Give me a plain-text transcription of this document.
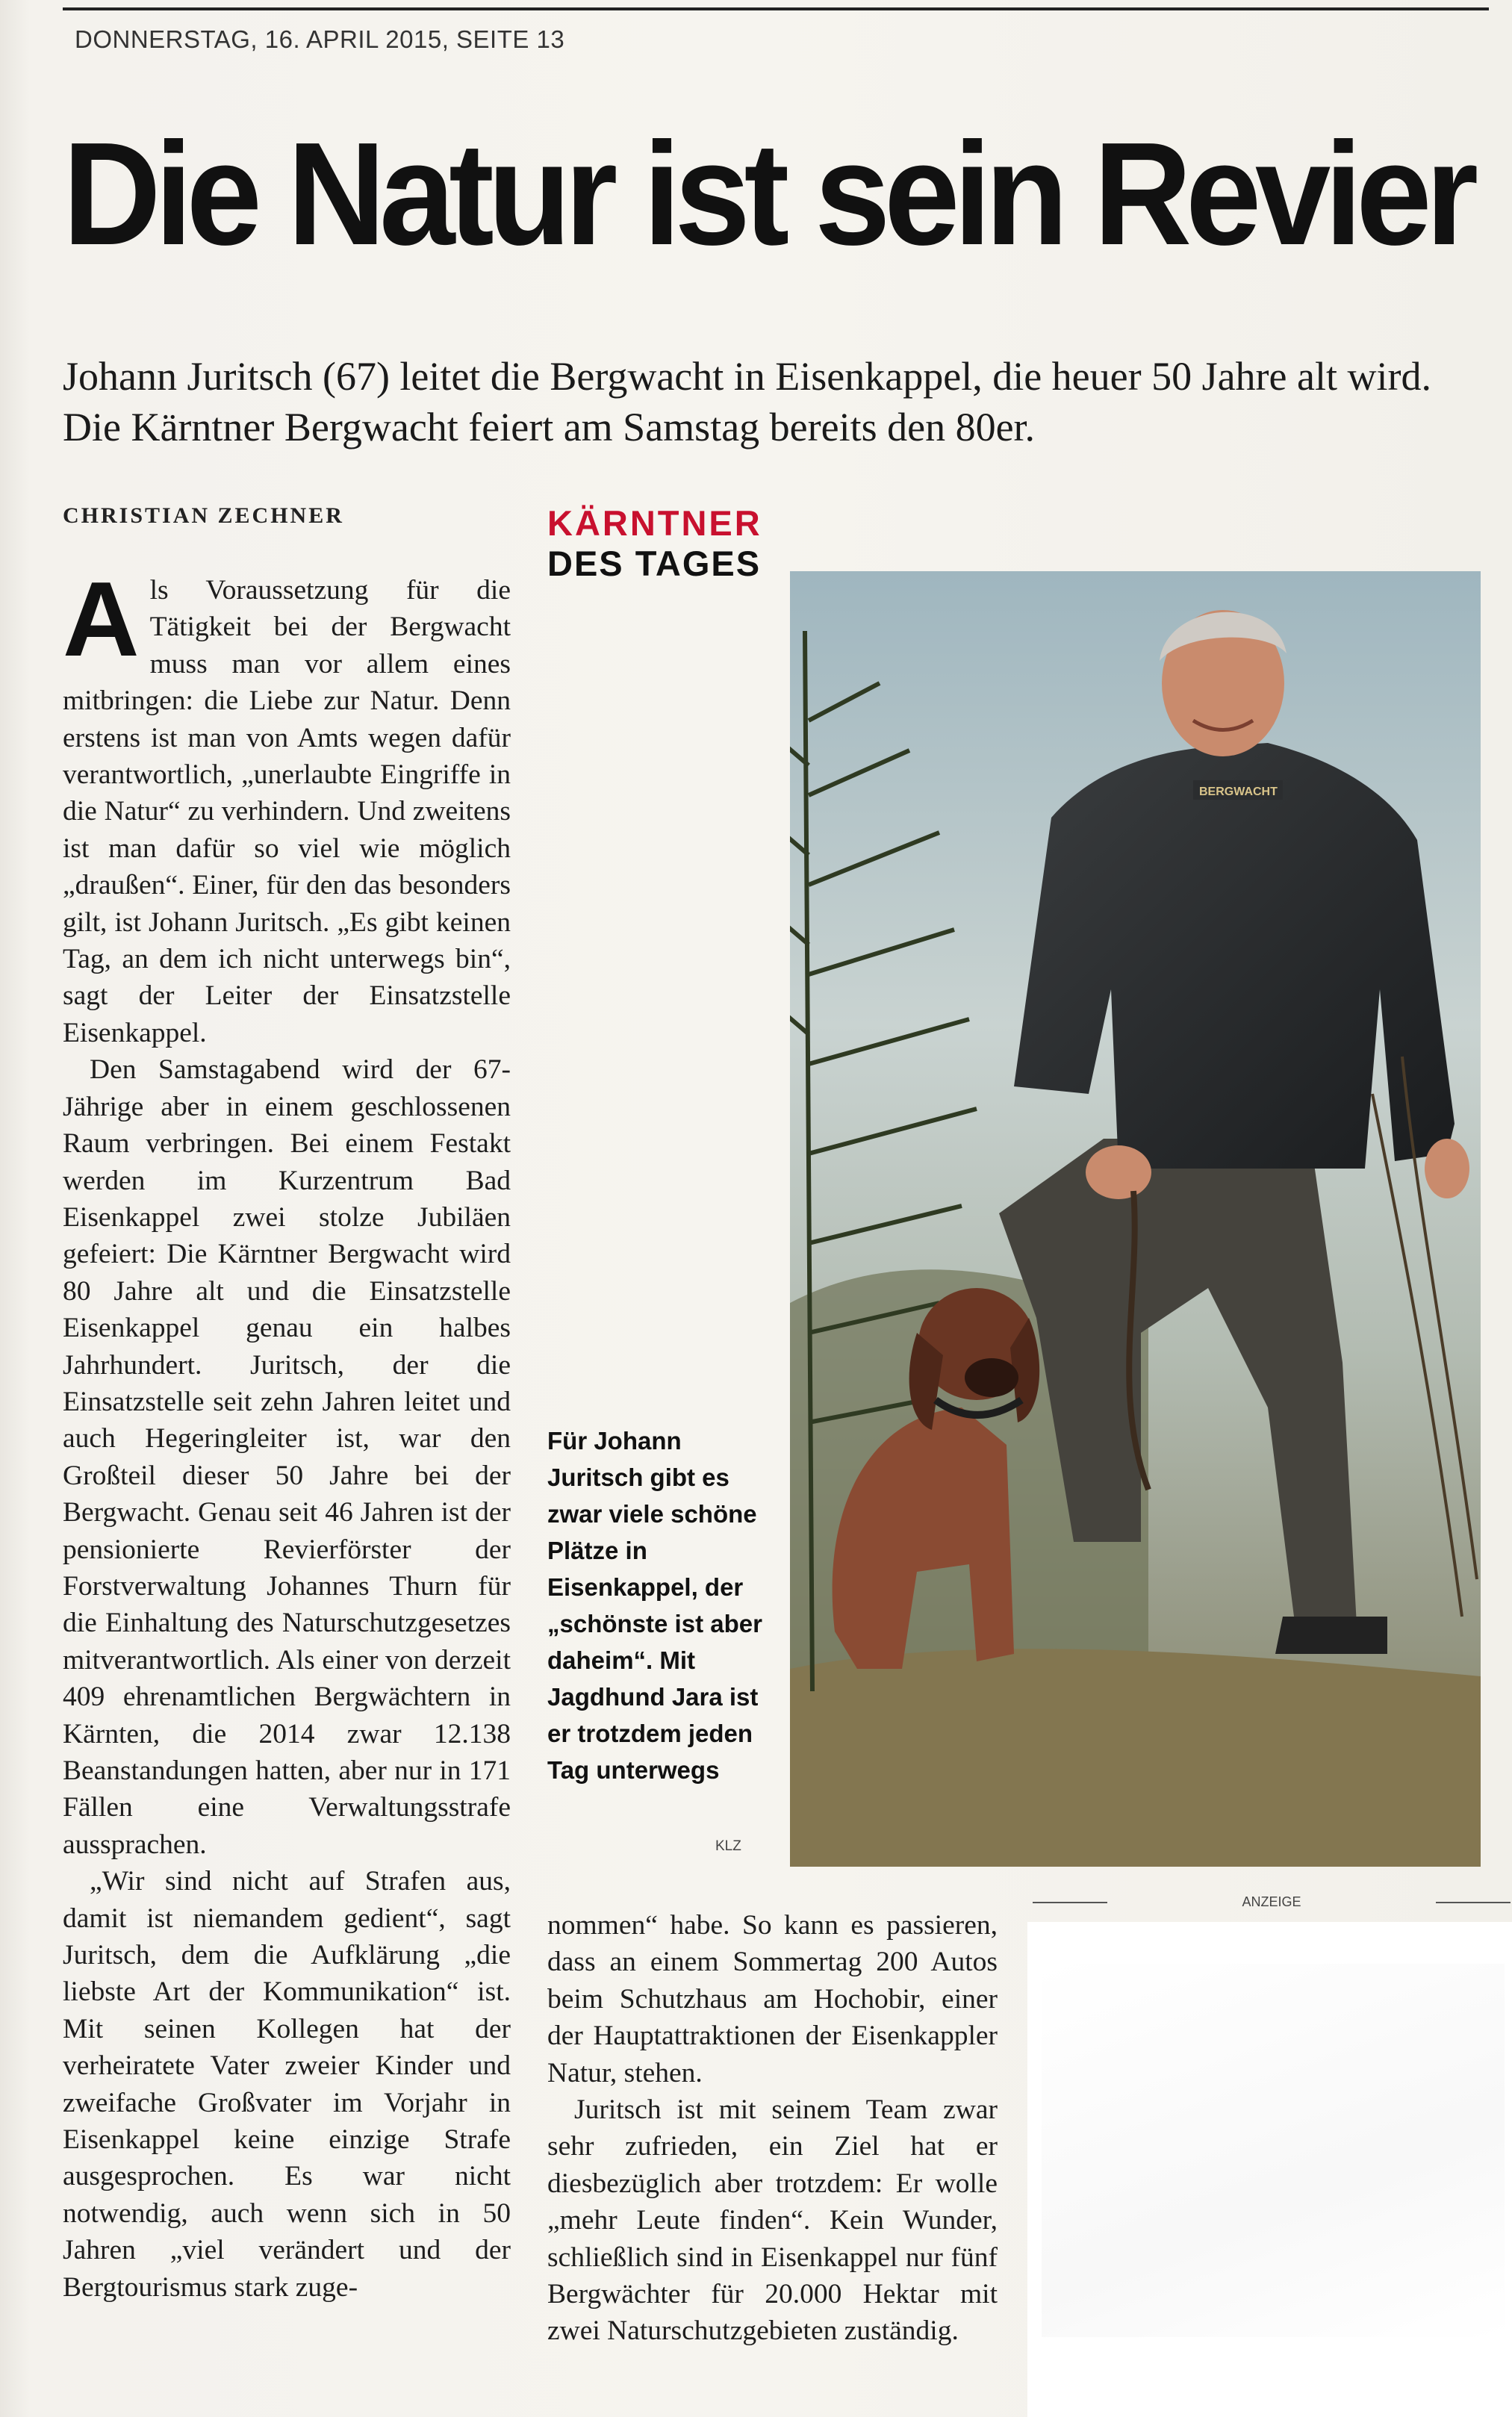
DONNERSTAG, 16. APRIL 2015, SEITE 13
Die Natur ist sein Revier
Johann Juritsch (67) leitet die Bergwacht in Eisenkappel, die heuer 50 Jahre alt wird. Die Kärntner Bergwacht feiert am Samstag bereits den 80er.
CHRISTIAN ZECHNER

Als Voraussetzung für die Tätigkeit bei der Bergwacht muss man vor allem eines mitbringen: die Liebe zur Natur. Denn erstens ist man von Amts wegen dafür verantwortlich, „unerlaubte Eingriffe in die Natur“ zu verhindern. Und zweitens ist man dafür so viel wie möglich „draußen“. Einer, für den das besonders gilt, ist Johann Juritsch. „Es gibt keinen Tag, an dem ich nicht unterwegs bin“, sagt der Leiter der Einsatzstelle Eisenkappel.

Den Samstagabend wird der 67-Jährige aber in einem geschlossenen Raum verbringen. Bei einem Festakt werden im Kurzentrum Bad Eisenkappel zwei stolze Jubiläen gefeiert: Die Kärntner Bergwacht wird 80 Jahre alt und die Einsatzstelle Eisenkappel genau ein halbes Jahrhundert. Juritsch, der die Einsatzstelle seit zehn Jahren leitet und auch Hegeringleiter ist, war den Großteil dieser 50 Jahre bei der Bergwacht. Genau seit 46 Jahren ist der pensionierte Revierförster der Forstverwaltung Johannes Thurn für die Einhaltung des Naturschutzgesetzes mitverantwortlich. Als einer von derzeit 409 ehrenamtlichen Bergwächtern in Kärnten, die 2014 zwar 12.138 Beanstandungen hatten, aber nur in 171 Fällen eine Verwaltungsstrafe aussprachen.

„Wir sind nicht auf Strafen aus, damit ist niemandem gedient“, sagt Juritsch, dem die Aufklärung „die liebste Art der Kommunikation“ ist. Mit seinen Kollegen hat der verheiratete Vater zweier Kinder und zweifache Großvater im Vorjahr in Eisenkappel keine einzige Strafe ausgesprochen. Es war nicht notwendig, auch wenn sich in 50 Jahren „viel verändert und der Bergtourismus stark zuge-

KÄRNTNER
DES TAGES
BERGWACHT
Für Johann Juritsch gibt es zwar viele schöne Plätze in Eisenkappel, der „schönste ist aber daheim“. Mit Jagdhund Jara ist er trotzdem jeden Tag unterwegs
KLZ

nommen“ habe. So kann es passieren, dass an einem Sommertag 200 Autos beim Schutzhaus am Hochobir, einer der Hauptattraktionen der Eisenkappler Natur, stehen.

Juritsch ist mit seinem Team zwar sehr zufrieden, ein Ziel hat er diesbezüglich aber trotzdem: Er wolle „mehr Leute finden“. Kein Wunder, schließlich sind in Eisenkappel nur fünf Bergwächter für 20.000 Hektar mit zwei Naturschutzgebieten zuständig.

ANZEIGE
